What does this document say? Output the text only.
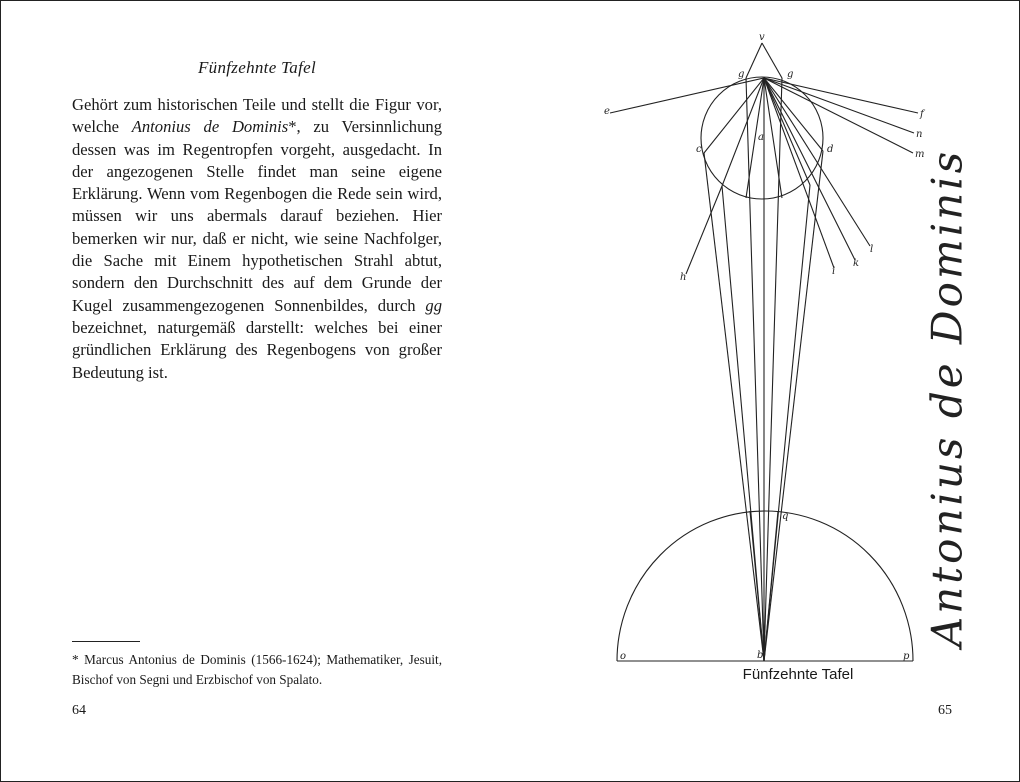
Fünfzehnte Tafel

Gehört zum historischen Teile und stellt die Figur vor, welche Antonius de Dominis*, zu Versinnlichung dessen was im Regentropfen vorgeht, ausgedacht. In der angezogenen Stelle findet man seine eigene Erklärung. Wenn vom Regenbogen die Rede sein wird, müssen wir uns abermals darauf beziehen. Hier bemerken wir nur, daß er nicht, wie seine Nachfolger, die Sache mit Einem hypothetischen Strahl abtut, sondern den Durchschnitt des auf dem Grunde der Kugel zusammengezogenen Sonnenbildes, durch gg bezeichnet, naturgemäß darstellt: welches bei einer gründlichen Erklärung des Regenbogens von großer Bedeutung ist.

* Marcus Antonius de Dominis (1566-1624); Mathematiker, Jesuit, Bischof von Segni und Erzbischof von Spalato.

64
v
e	f
n
m
h
i
k
l
g	g
c	d
a
b
o	p
q	Antonius de Dominis
Fünfzehnte Tafel
65
